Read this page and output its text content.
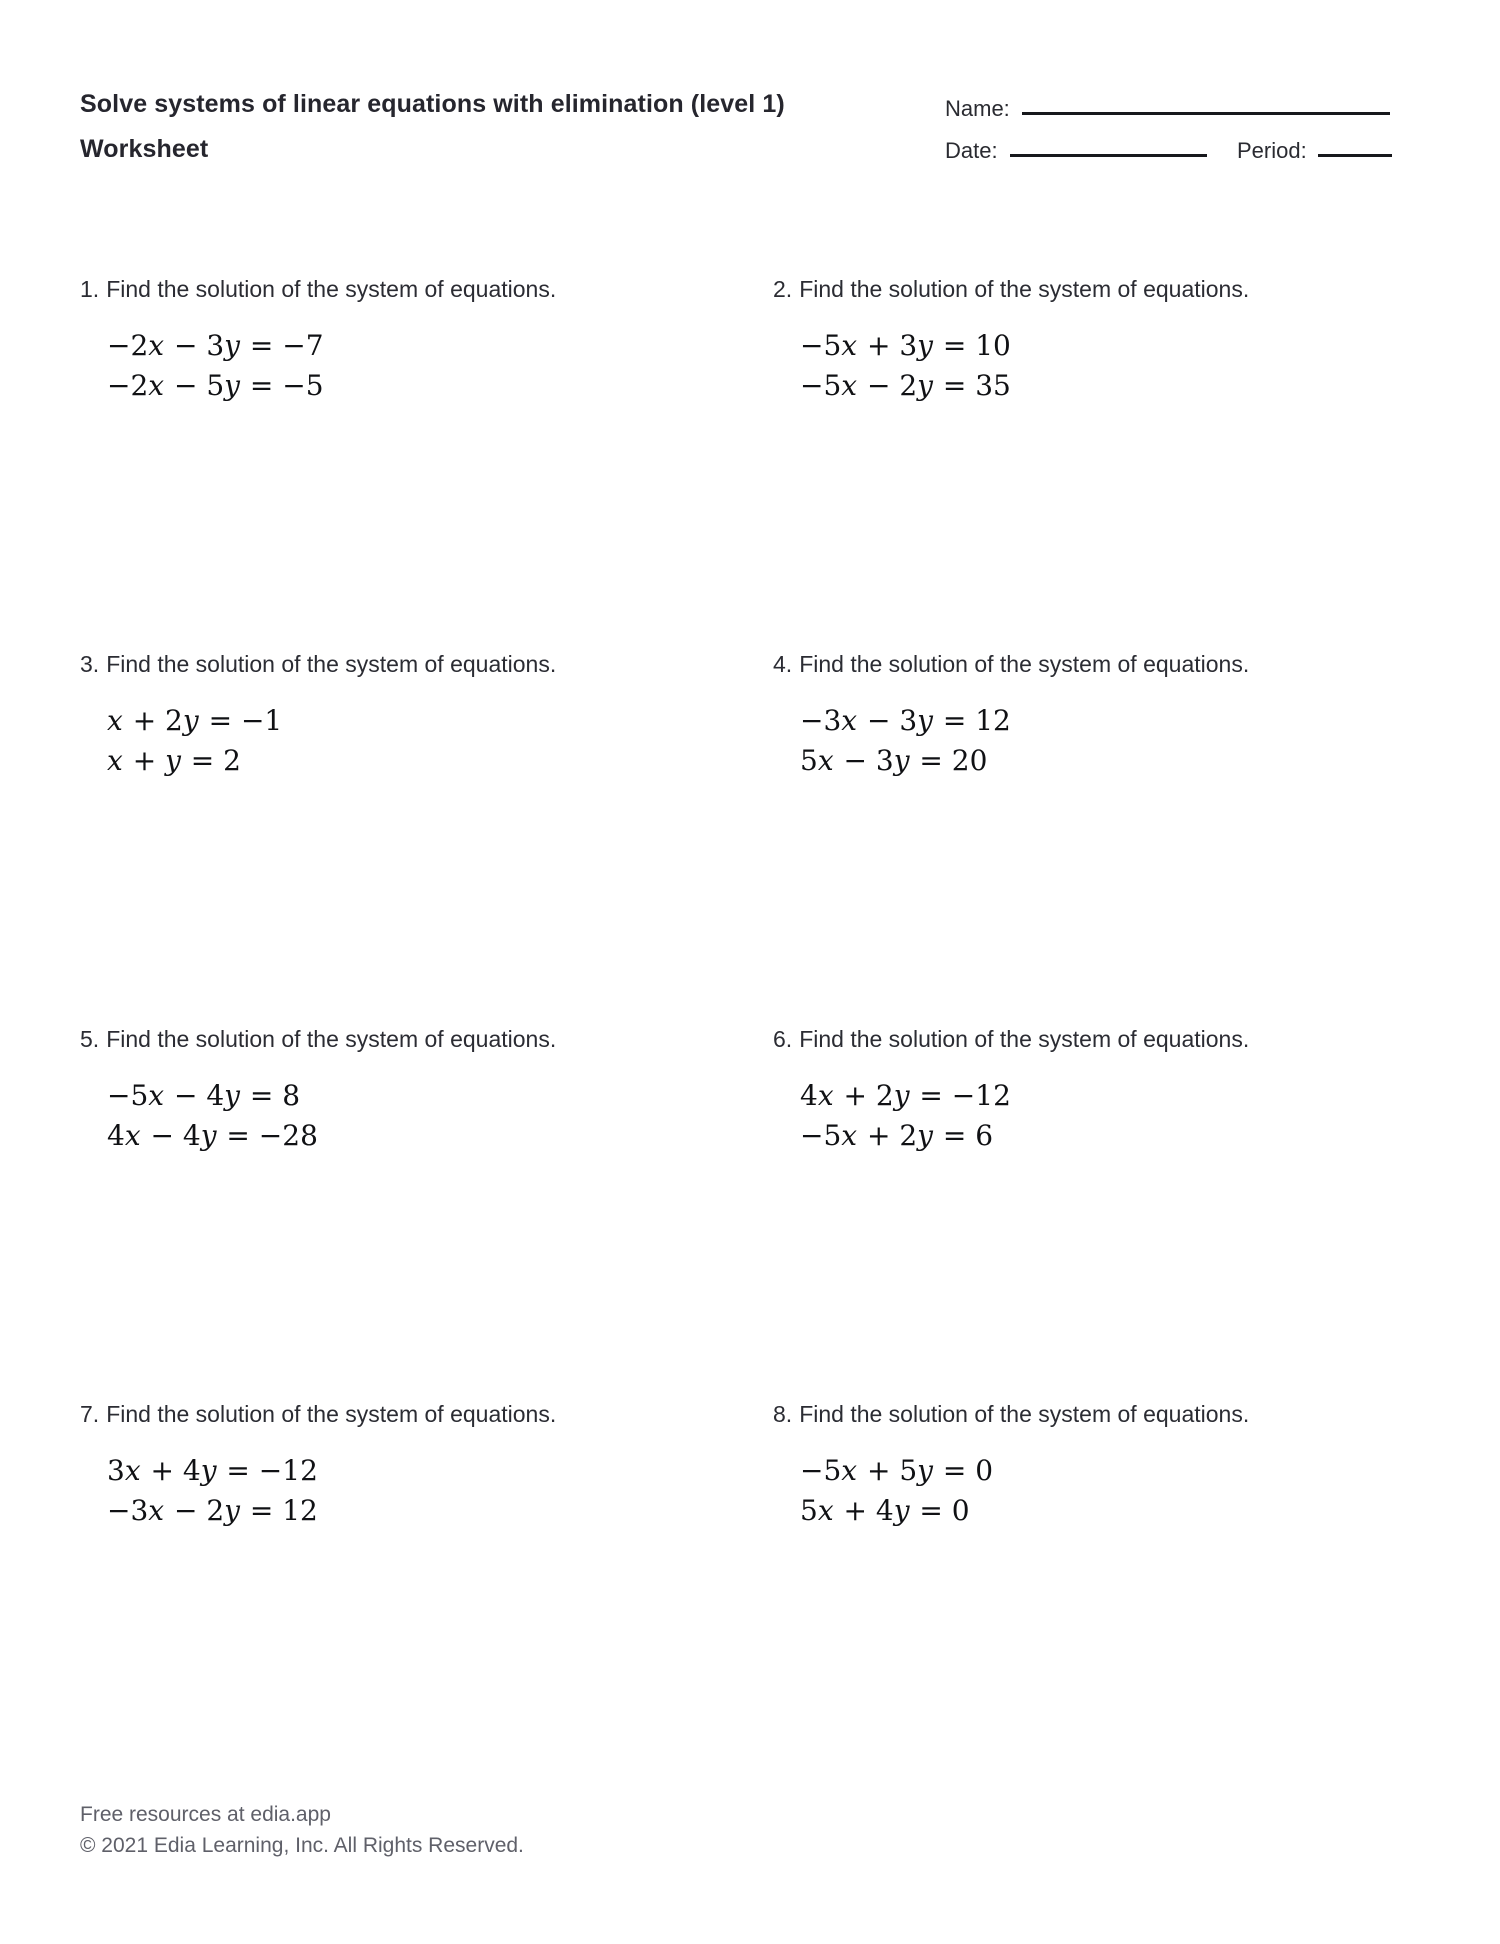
Solve systems of linear equations with elimination (level 1)
Worksheet
Name:
Date:	Period:
1. Find the solution of the system of equations.
−2x − 3y = −7
−2x − 5y = −5
2. Find the solution of the system of equations.
−5x + 3y = 10
−5x − 2y = 35
3. Find the solution of the system of equations.
x + 2y = −1
x + y = 2
4. Find the solution of the system of equations.
−3x − 3y = 12
5x − 3y = 20
5. Find the solution of the system of equations.
−5x − 4y = 8
4x − 4y = −28
6. Find the solution of the system of equations.
4x + 2y = −12
−5x + 2y = 6
7. Find the solution of the system of equations.
3x + 4y = −12
−3x − 2y = 12
8. Find the solution of the system of equations.
−5x + 5y = 0
5x + 4y = 0
Free resources at edia.app
© 2021 Edia Learning, Inc. All Rights Reserved.
